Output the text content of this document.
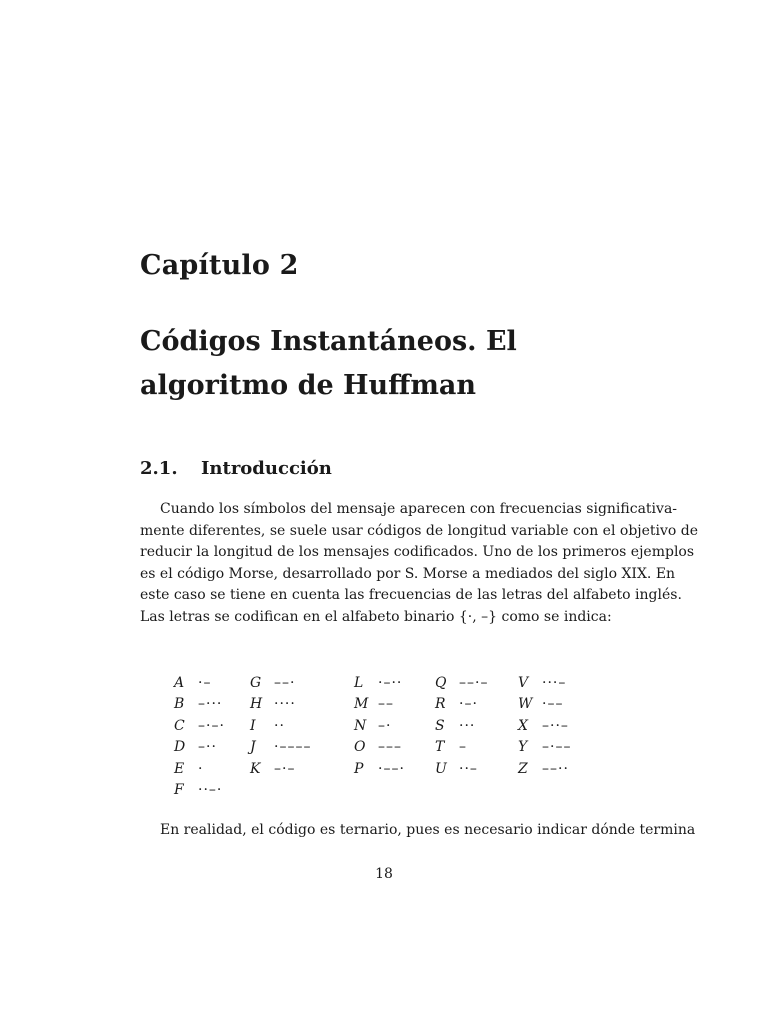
Capítulo 2
Códigos Instantáneos. El
algoritmo de Huffman
2.1. Introducción
Cuando los símbolos del mensaje aparecen con frecuencias significativa-
mente diferentes, se suele usar códigos de longitud variable con el objetivo de
reducir la longitud de los mensajes codificados. Uno de los primeros ejemplos
es el código Morse, desarrollado por S. Morse a mediados del siglo XIX. En
este caso se tiene en cuenta las frecuencias de las letras del alfabeto inglés.
Las letras se codifican en el alfabeto binario {·, –} como se indica:
A ·–
B –···
C –·–·
D –··
E ·
F ··–·
G ––·
H ····
I ··
J ·––––
K –·–
L ·–··
M ––
N –·
O –––
P ·––·
Q ––·–
R ·–·
S ···
T –
U ··–
V ···–
W ·––
X –··–
Y –·––
Z ––··
En realidad, el código es ternario, pues es necesario indicar dónde termina
18
